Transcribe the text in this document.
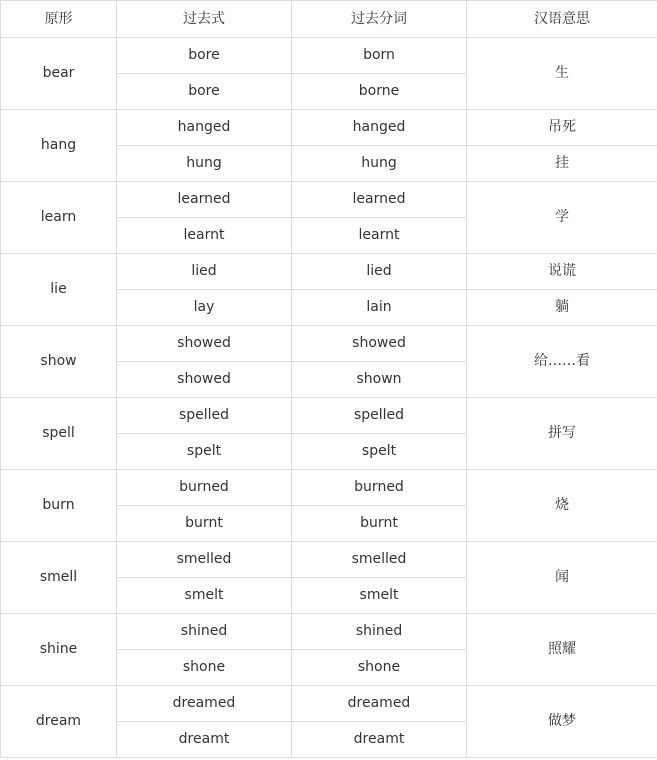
原形	过去式	过去分词	汉语意思
bear	bore	born	生
	bore	borne	
hang	hanged	hanged	吊死
	hung	hung	挂
learn	learned	learned	学
	learnt	learnt	
lie	lied	lied	说谎
	lay	lain	躺
show	showed	showed	给……看
	showed	shown	
spell	spelled	spelled	拼写
	spelt	spelt	
burn	burned	burned	烧
	burnt	burnt	
smell	smelled	smelled	闻
	smelt	smelt	
shine	shined	shined	照耀
	shone	shone	
dream	dreamed	dreamed	做梦
	dreamt	dreamt	
